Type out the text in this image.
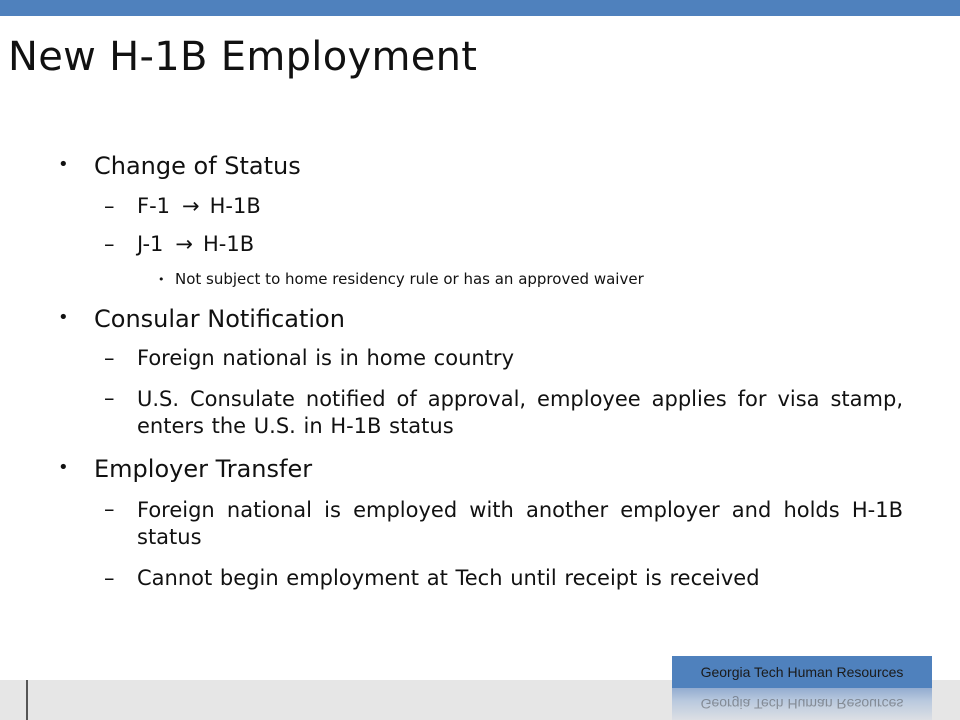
New H-1B Employment
• Change of Status
– F-1 → H-1B
– J-1 → H-1B
• Not subject to home residency rule or has an approved waiver
• Consular Notification
– Foreign national is in home country
– U.S. Consulate notified of approval, employee applies for visa stamp, enters the U.S. in H-1B status
• Employer Transfer
– Foreign national is employed with another employer and holds H-1B status
– Cannot begin employment at Tech until receipt is received
Georgia Tech Human Resources
Georgia Tech Human Resources
